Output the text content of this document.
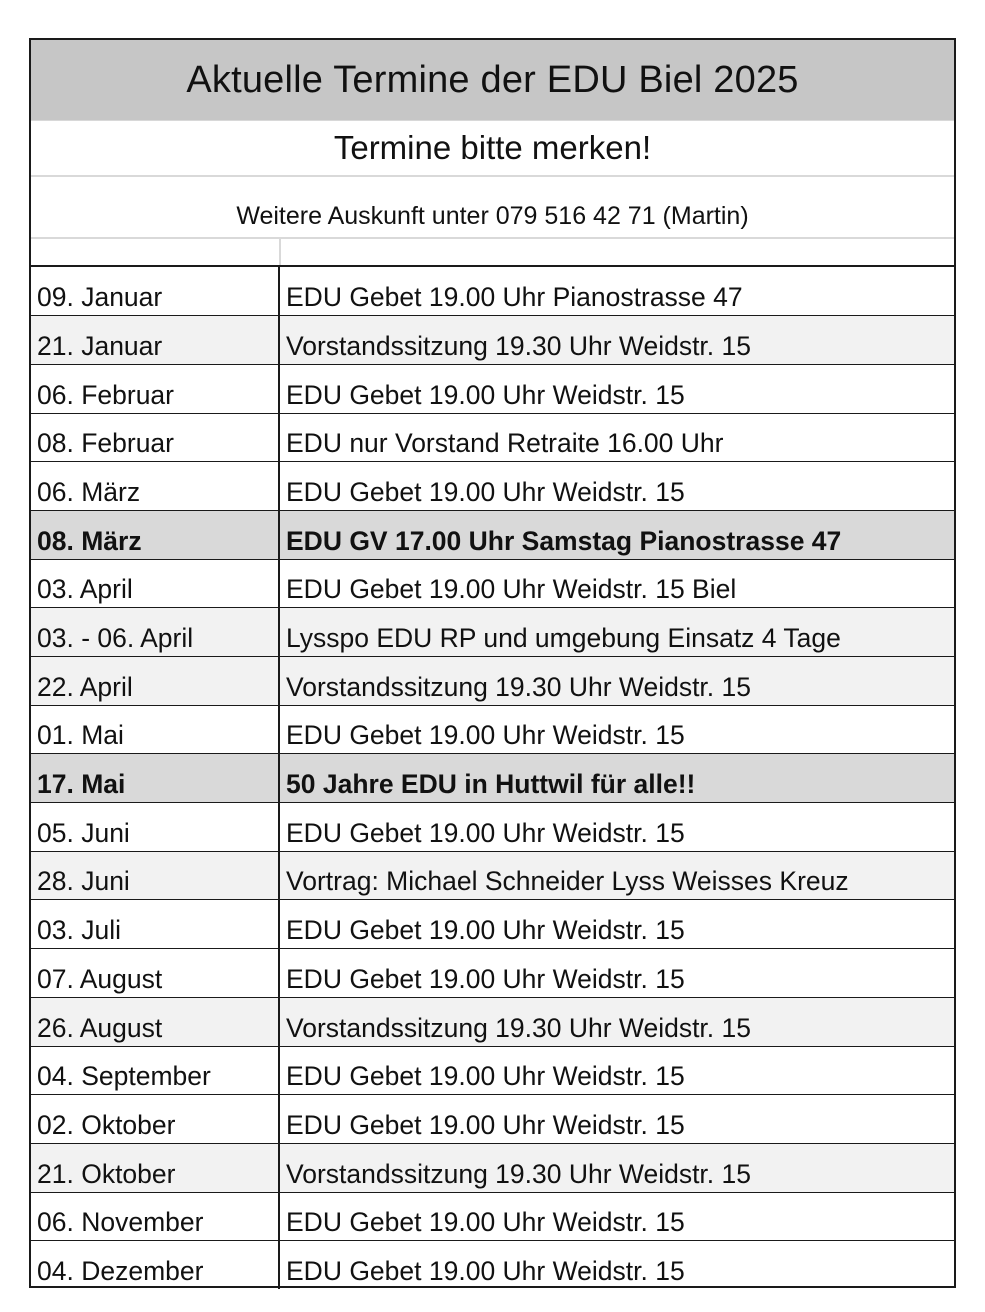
Aktuelle Termine der EDU Biel 2025
Termine bitte merken!
Weitere Auskunft unter 079 516 42 71 (Martin)
09. Januar	EDU Gebet 19.00 Uhr Pianostrasse 47
21. Januar	Vorstandssitzung 19.30 Uhr Weidstr. 15
06. Februar	EDU Gebet 19.00 Uhr Weidstr. 15
08. Februar	EDU nur Vorstand Retraite 16.00 Uhr
06. März	EDU Gebet 19.00 Uhr Weidstr. 15
08. März	EDU GV 17.00 Uhr Samstag Pianostrasse 47
03. April	EDU Gebet 19.00 Uhr Weidstr. 15 Biel
03. - 06. April	Lysspo EDU RP und umgebung Einsatz 4 Tage
22. April	Vorstandssitzung 19.30 Uhr Weidstr. 15
01. Mai	EDU Gebet 19.00 Uhr Weidstr. 15
17. Mai	50 Jahre EDU in Huttwil für alle!!
05. Juni	EDU Gebet 19.00 Uhr Weidstr. 15
28. Juni	Vortrag: Michael Schneider Lyss Weisses Kreuz
03. Juli	EDU Gebet 19.00 Uhr Weidstr. 15
07. August	EDU Gebet 19.00 Uhr Weidstr. 15
26. August	Vorstandssitzung 19.30 Uhr Weidstr. 15
04. September	EDU Gebet 19.00 Uhr Weidstr. 15
02. Oktober	EDU Gebet 19.00 Uhr Weidstr. 15
21. Oktober	Vorstandssitzung 19.30 Uhr Weidstr. 15
06. November	EDU Gebet 19.00 Uhr Weidstr. 15
04. Dezember	EDU Gebet 19.00 Uhr Weidstr. 15
